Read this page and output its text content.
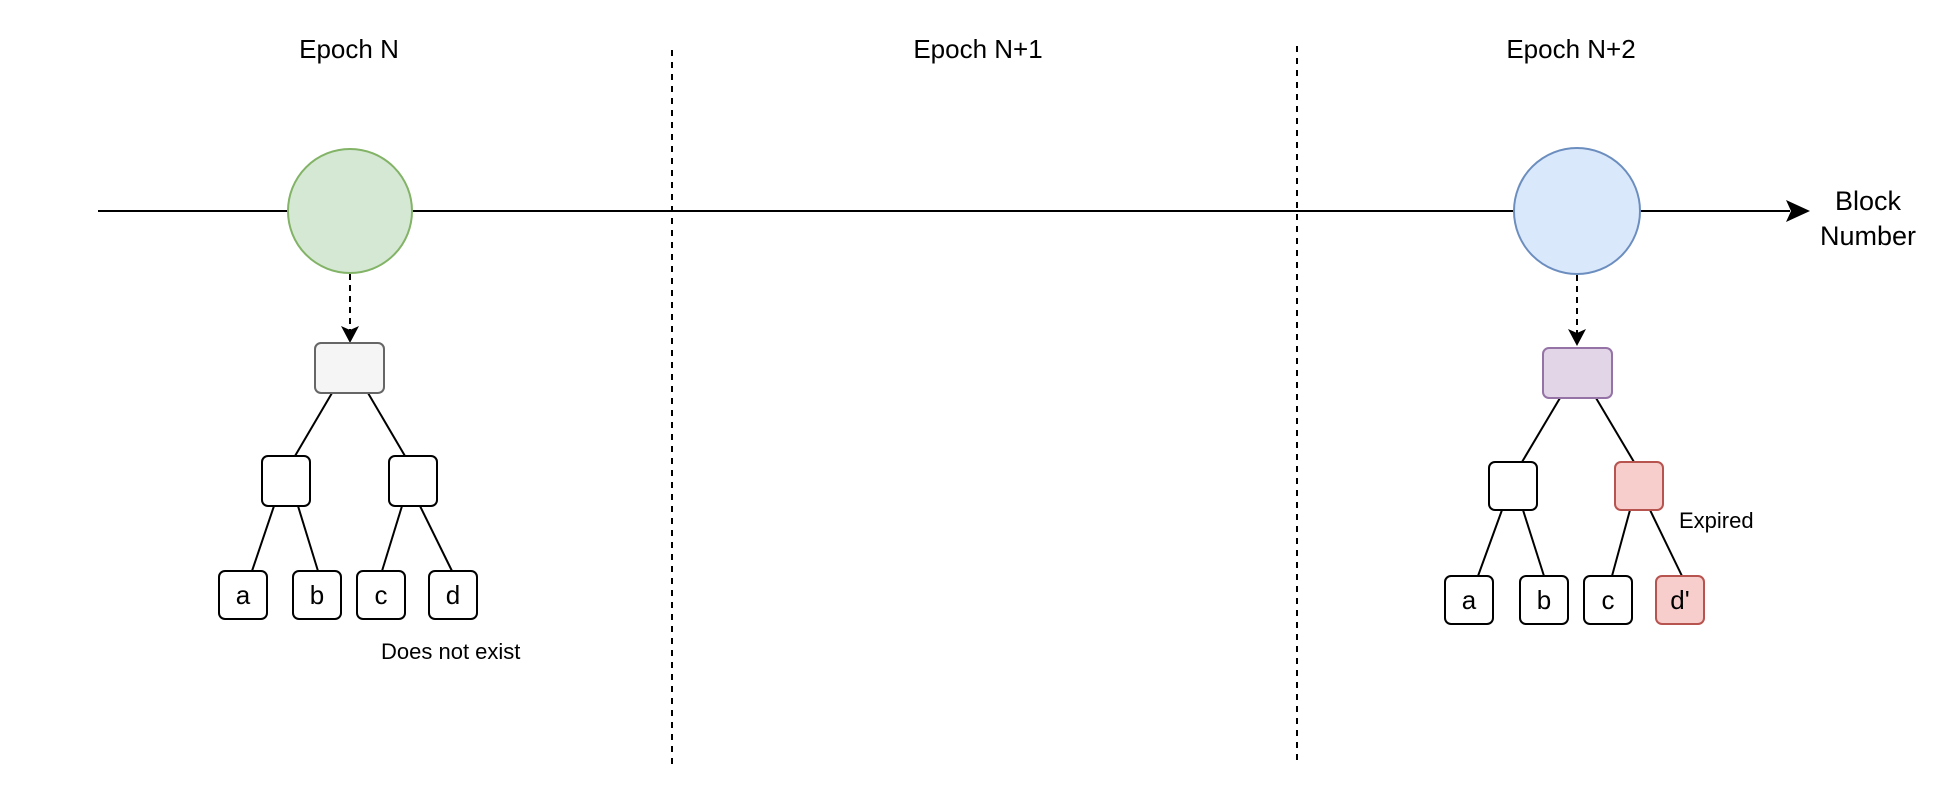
Epoch N	Epoch N+1	Epoch N+2
Block
Number
a b c d
Does not exist
a b c d'
Expired
